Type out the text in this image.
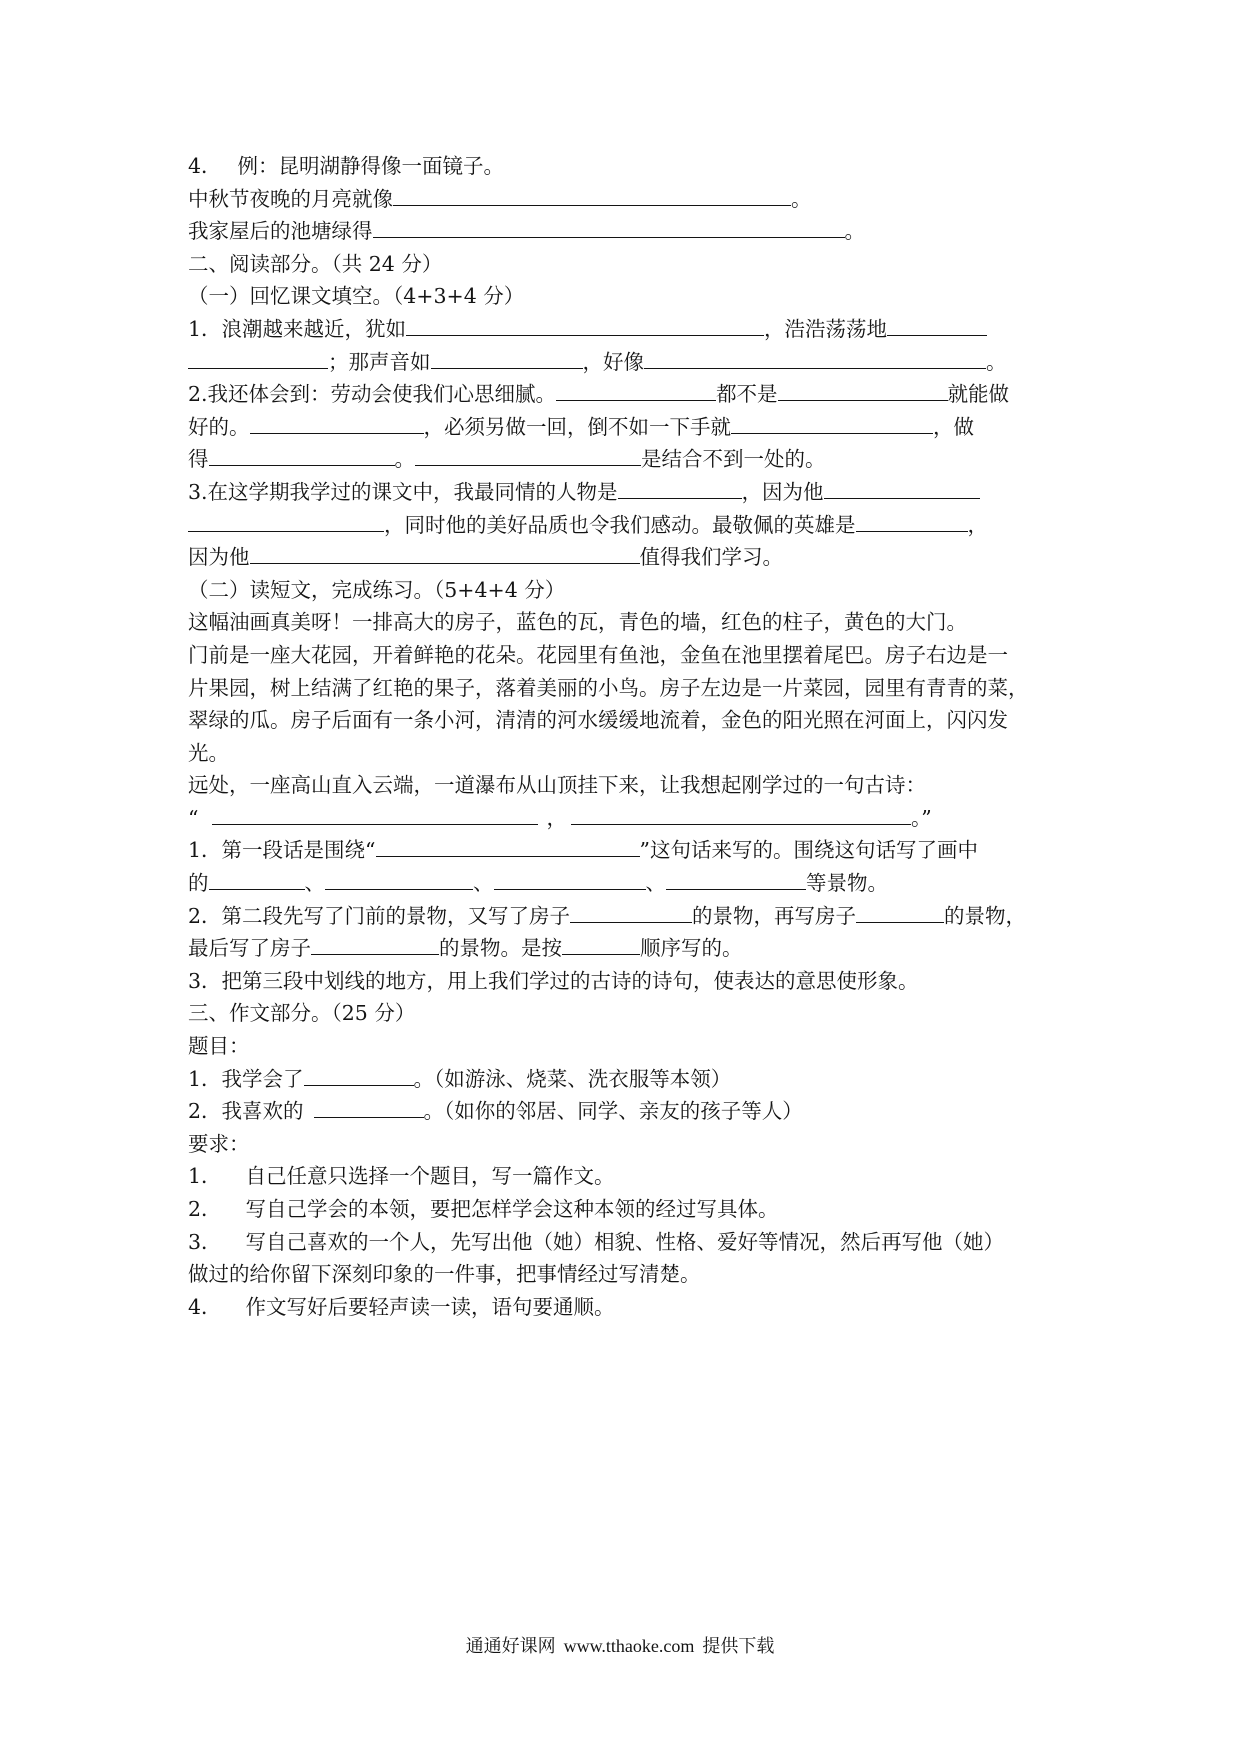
4． 例：昆明湖静得像一面镜子。
中秋节夜晚的月亮就像	。
我家屋后的池塘绿得	。
二、阅读部分。（共 24 分）
（一）回忆课文填空。（4+3+4 分）
1．浪潮越来越近，犹如	，浩浩荡荡地
；那声音如	，好像	。
2.我还体会到：劳动会使我们心思细腻。	都不是	就能做
好的。	，必须另做一回，倒不如一下手就	，做
得	。	是结合不到一处的。
3.在这学期我学过的课文中，我最同情的人物是	，因为他
，同时他的美好品质也令我们感动。最敬佩的英雄是	，
因为他	值得我们学习。
（二）读短文，完成练习。（5+4+4 分）
这幅油画真美呀！一排高大的房子，蓝色的瓦，青色的墙，红色的柱子，黄色的大门。
门前是一座大花园，开着鲜艳的花朵。花园里有鱼池，金鱼在池里摆着尾巴。房子右边是一
片果园，树上结满了红艳的果子，落着美丽的小鸟。房子左边是一片菜园，园里有青青的菜，
翠绿的瓜。房子后面有一条小河，清清的河水缓缓地流着，金色的阳光照在河面上，闪闪发
光。
远处，一座高山直入云端，一道瀑布从山顶挂下来，让我想起刚学过的一句古诗：
“	，	。”
1．第一段话是围绕“	”这句话来写的。围绕这句话写了画中
的	、	、	、	等景物。
2．第二段先写了门前的景物，又写了房子	的景物，再写房子	的景物，
最后写了房子	的景物。是按	顺序写的。
3．把第三段中划线的地方，用上我们学过的古诗的诗句，使表达的意思使形象。
三、作文部分。（25 分）
题目：
1．我学会了	。（如游泳、烧菜、洗衣服等本领）
2．我喜欢的	。（如你的邻居、同学、亲友的孩子等人）
要求：
1． 自己任意只选择一个题目，写一篇作文。
2． 写自己学会的本领，要把怎样学会这种本领的经过写具体。
3． 写自己喜欢的一个人，先写出他（她）相貌、性格、爱好等情况，然后再写他（她）
做过的给你留下深刻印象的一件事，把事情经过写清楚。
4． 作文写好后要轻声读一读，语句要通顺。
通通好课网 www.tthaoke.com 提供下载
